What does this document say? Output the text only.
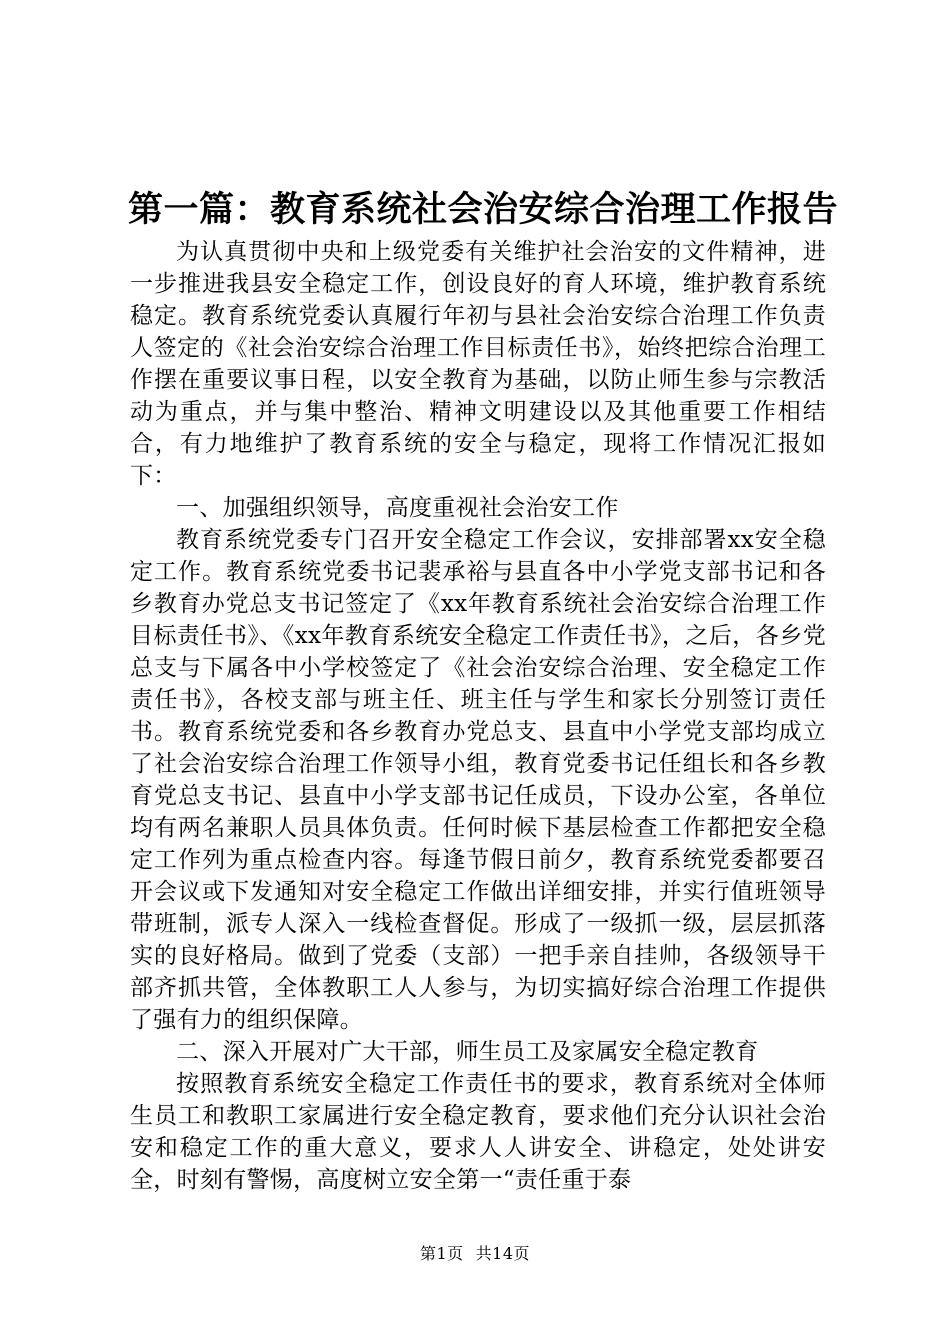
第一篇：教育系统社会治安综合治理工作报告

为认真贯彻中央和上级党委有关维护社会治安的文件精神，进一步推进我县安全稳定工作，创设良好的育人环境，维护教育系统稳定。教育系统党委认真履行年初与县社会治安综合治理工作负责人签定的《社会治安综合治理工作目标责任书》，始终把综合治理工作摆在重要议事日程，以安全教育为基础，以防止师生参与宗教活动为重点，并与集中整治、精神文明建设以及其他重要工作相结合，有力地维护了教育系统的安全与稳定，现将工作情况汇报如下：

一、加强组织领导，高度重视社会治安工作

教育系统党委专门召开安全稳定工作会议，安排部署xx安全稳定工作。教育系统党委书记裴承裕与县直各中小学党支部书记和各乡教育办党总支书记签定了《xx年教育系统社会治安综合治理工作目标责任书》、《xx年教育系统安全稳定工作责任书》，之后，各乡党总支与下属各中小学校签定了《社会治安综合治理、安全稳定工作责任书》，各校支部与班主任、班主任与学生和家长分别签订责任书。教育系统党委和各乡教育办党总支、县直中小学党支部均成立了社会治安综合治理工作领导小组，教育党委书记任组长和各乡教育党总支书记、县直中小学支部书记任成员，下设办公室，各单位均有两名兼职人员具体负责。任何时候下基层检查工作都把安全稳定工作列为重点检查内容。每逢节假日前夕，教育系统党委都要召开会议或下发通知对安全稳定工作做出详细安排，并实行值班领导带班制，派专人深入一线检查督促。形成了一级抓一级，层层抓落实的良好格局。做到了党委（支部）一把手亲自挂帅，各级领导干部齐抓共管，全体教职工人人参与，为切实搞好综合治理工作提供了强有力的组织保障。

二、深入开展对广大干部，师生员工及家属安全稳定教育

按照教育系统安全稳定工作责任书的要求，教育系统对全体师生员工和教职工家属进行安全稳定教育，要求他们充分认识社会治安和稳定工作的重大意义，要求人人讲安全、讲稳定，处处讲安全，时刻有警惕，高度树立安全第一“责任重于泰

第1页 共14页
